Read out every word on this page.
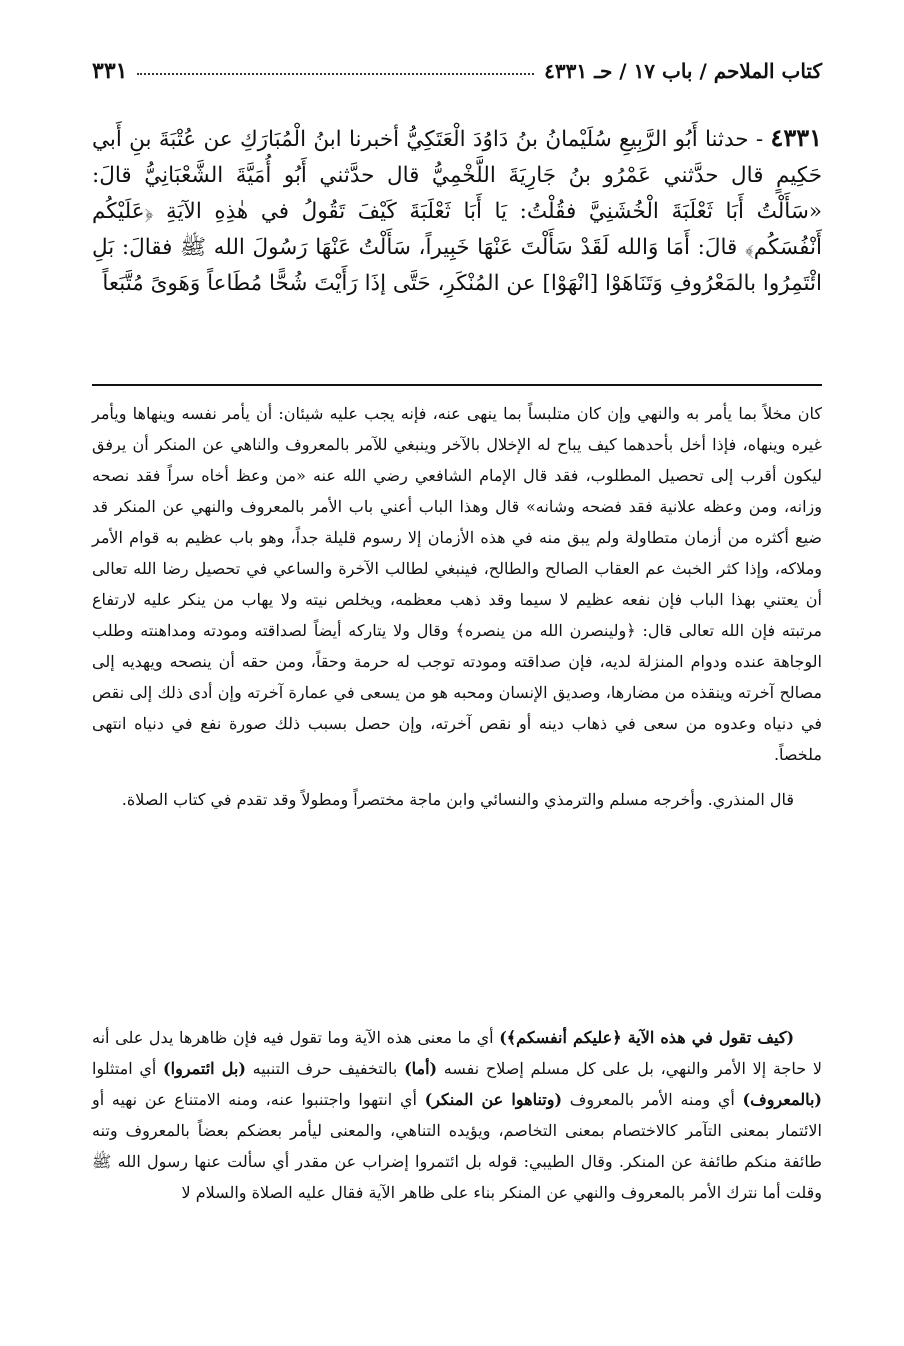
كتاب الملاحم / باب ١٧ / حـ ٤٣٣١
٣٣١
٤٣٣١ - حدثنا أَبُو الرَّبِيعِ سُلَيْمانُ بنُ دَاوُدَ الْعَتَكِيُّ أخبرنا ابنُ الْمُبَارَكِ عن عُتْبَةَ بنِ أَبي حَكِيمٍ قال حدَّثني عَمْرُو بنُ جَارِيَةَ اللَّخْمِيُّ قال حدَّثني أَبُو أُمَيَّةَ الشَّعْبَانِيُّ قالَ: «سَأَلْتُ أَبَا ثَعْلَبَةَ الْخُشَنِيَّ فقُلْتُ: يَا أَبَا ثَعْلَبَةَ كَيْفَ تَقُولُ في هٰذِهِ الآيَةِ ﴿عَلَيْكُم أَنْفُسَكُم﴾ قالَ: أَمَا وَالله لَقَدْ سَأَلْتَ عَنْهَا خَبِيراً، سَأَلْتُ عَنْهَا رَسُولَ الله ﷺ فقالَ: بَلِ ائْتَمِرُوا بالمَعْرُوفِ وَتَنَاهَوْا [انْهَوْا] عن المُنْكَرِ، حَتَّى إذَا رَأَيْتَ شُحًّا مُطَاعاً وَهَوىً مُتَّبَعاً

كان مخلاً بما يأمر به والنهي وإن كان متلبساً بما ينهى عنه، فإنه يجب عليه شيئان: أن يأمر نفسه وينهاها ويأمر غيره وينهاه، فإذا أخل بأحدهما كيف يباح له الإخلال بالآخر وينبغي للآمر بالمعروف والناهي عن المنكر أن يرفق ليكون أقرب إلى تحصيل المطلوب، فقد قال الإمام الشافعي رضي الله عنه «من وعظ أخاه سراً فقد نصحه وزانه، ومن وعظه علانية فقد فضحه وشانه» قال وهذا الباب أعني باب الأمر بالمعروف والنهي عن المنكر قد ضيع أكثره من أزمان متطاولة ولم يبق منه في هذه الأزمان إلا رسوم قليلة جداً، وهو باب عظيم به قوام الأمر وملاكه، وإذا كثر الخبث عم العقاب الصالح والطالح، فينبغي لطالب الآخرة والساعي في تحصيل رضا الله تعالى أن يعتني بهذا الباب فإن نفعه عظيم لا سيما وقد ذهب معظمه، ويخلص نيته ولا يهاب من ينكر عليه لارتفاع مرتبته فإن الله تعالى قال: ﴿ولينصرن الله من ينصره﴾ وقال ولا يتاركه أيضاً لصداقته ومودته ومداهنته وطلب الوجاهة عنده ودوام المنزلة لديه، فإن صداقته ومودته توجب له حرمة وحقاً، ومن حقه أن ينصحه ويهديه إلى مصالح آخرته وينقذه من مضارها، وصديق الإنسان ومحبه هو من يسعى في عمارة آخرته وإن أدى ذلك إلى نقص في دنياه وعدوه من سعى في ذهاب دينه أو نقص آخرته، وإن حصل بسبب ذلك صورة نفع في دنياه انتهى ملخصاً.

قال المنذري. وأخرجه مسلم والترمذي والنسائي وابن ماجة مختصراً ومطولاً وقد تقدم في كتاب الصلاة.

(كيف تقول في هذه الآية ﴿عليكم أنفسكم﴾) أي ما معنى هذه الآية وما تقول فيه فإن ظاهرها يدل على أنه لا حاجة إلا الأمر والنهي، بل على كل مسلم إصلاح نفسه (أما) بالتخفيف حرف التنبيه (بل ائتمروا) أي امتثلوا (بالمعروف) أي ومنه الأمر بالمعروف (وتناهوا عن المنكر) أي انتهوا واجتنبوا عنه، ومنه الامتناع عن نهيه أو الائتمار بمعنى التآمر كالاختصام بمعنى التخاصم، ويؤيده التناهي، والمعنى ليأمر بعضكم بعضاً بالمعروف وتنه طائفة منكم طائفة عن المنكر. وقال الطيبي: قوله بل ائتمروا إضراب عن مقدر أي سألت عنها رسول الله ﷺ وقلت أما نترك الأمر بالمعروف والنهي عن المنكر بناء على ظاهر الآية فقال عليه الصلاة والسلام لا
